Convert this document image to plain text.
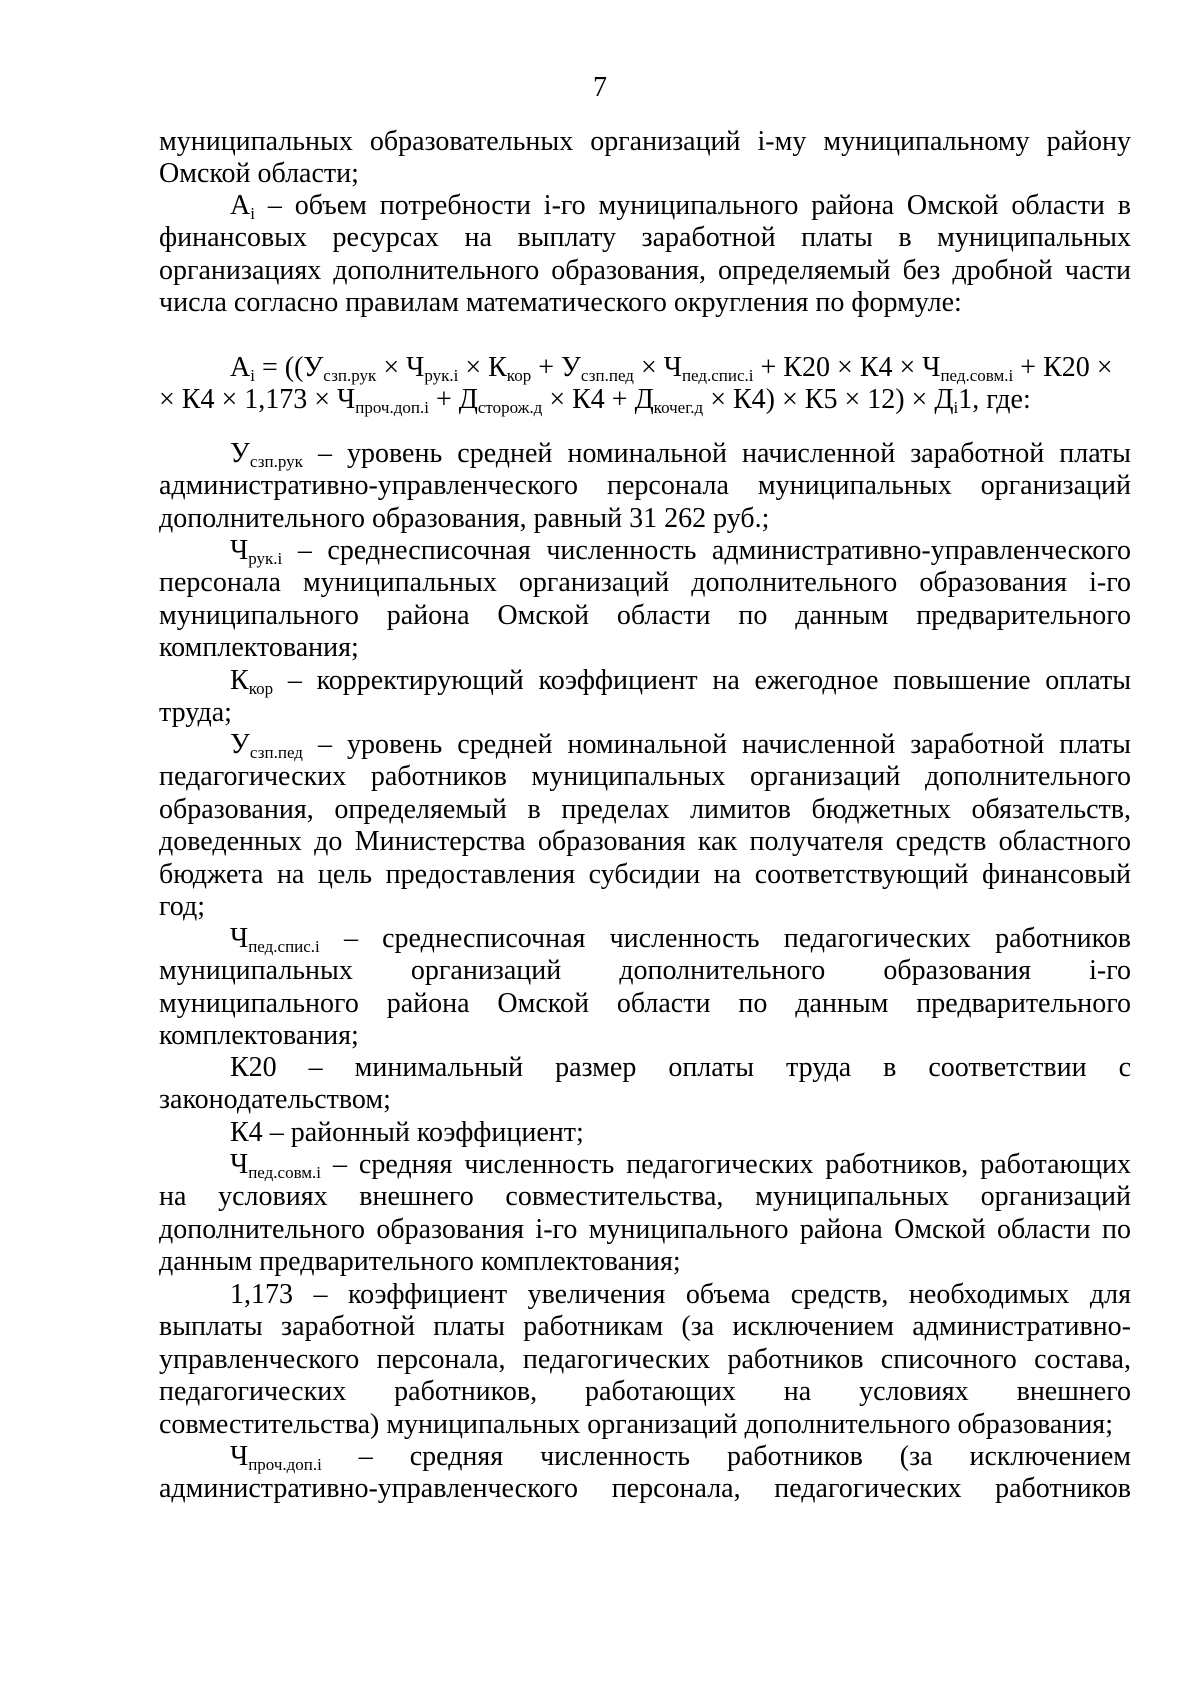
7

муниципальных образовательных организаций i-му муниципальному району Омской области;

$А_i$ – объем потребности i-го муниципального района Омской области в финансовых ресурсах на выплату заработной платы в муниципальных организациях дополнительного образования, определяемый без дробной части числа согласно правилам математического округления по формуле:

$А_i = ((У_{сзп.рук} \times Ч_{рук.i} \times К_{кор} + У_{сзп.пед} \times Ч_{пед.спис.i} + К20 \times К4 \times Ч_{пед.совм.i} + К20$ ×
× $К4 \times 1,173 \times Ч_{проч.доп.i} + Д_{сторож.д} \times К4 + Д_{кочег.д} \times К4) \times К5 \times 12) \times Д_i1$, где:

$У_{сзп.рук}$ – уровень средней номинальной начисленной заработной платы административно-управленческого персонала муниципальных организаций дополнительного образования, равный 31 262 руб.;

$Ч_{рук.i}$ – среднесписочная численность административно-управленческого персонала муниципальных организаций дополнительного образования i-го муниципального района Омской области по данным предварительного комплектования;

$К_{кор}$ – корректирующий коэффициент на ежегодное повышение оплаты труда;

$У_{сзп.пед}$ – уровень средней номинальной начисленной заработной платы педагогических работников муниципальных организаций дополнительного образования, определяемый в пределах лимитов бюджетных обязательств, доведенных до Министерства образования как получателя средств областного бюджета на цель предоставления субсидии на соответствующий финансовый год;

$Ч_{пед.спис.i}$ – среднесписочная численность педагогических работников муниципальных организаций дополнительного образования i-го муниципального района Омской области по данным предварительного комплектования;

К20 – минимальный размер оплаты труда в соответствии с законодательством;

К4 – районный коэффициент;

$Ч_{пед.совм.i}$ – средняя численность педагогических работников, работающих на условиях внешнего совместительства, муниципальных организаций дополнительного образования i-го муниципального района Омской области по данным предварительного комплектования;

1,173 – коэффициент увеличения объема средств, необходимых для выплаты заработной платы работникам (за исключением административно-управленческого персонала, педагогических работников списочного состава, педагогических работников, работающих на условиях внешнего совместительства) муниципальных организаций дополнительного образования;

$Ч_{проч.доп.i}$ – средняя численность работников (за исключением административно-управленческого персонала, педагогических работников
